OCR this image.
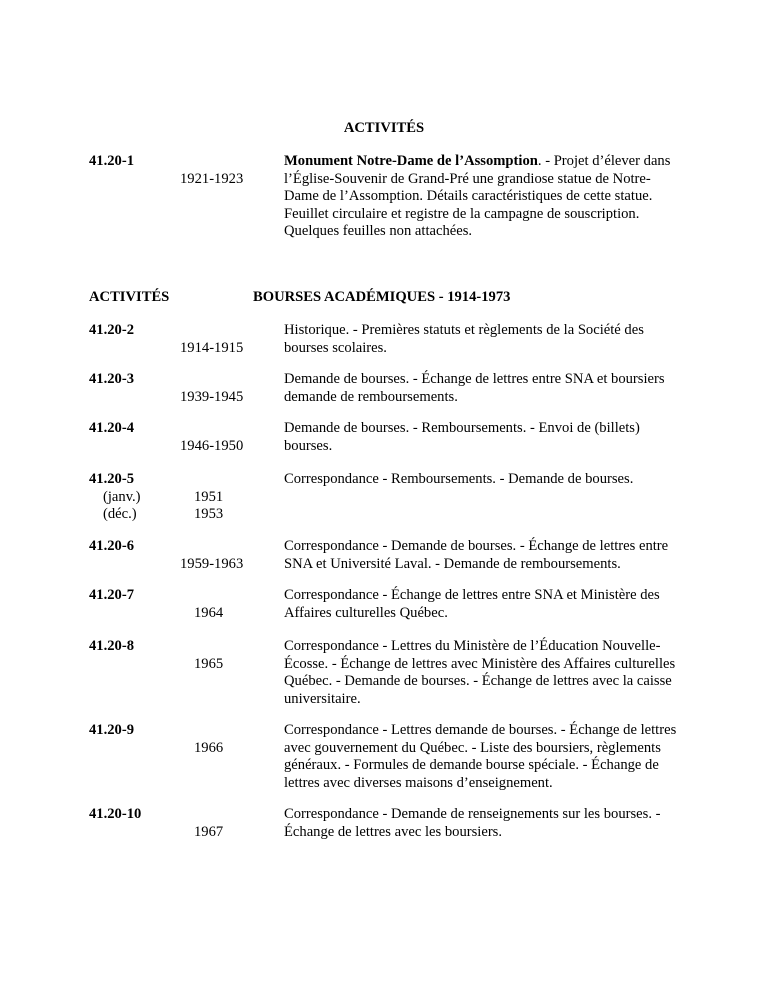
ACTIVITÉS
41.20-1
1921-1923
Monument Notre-Dame de l’Assomption. - Projet d’élever dans l’Église-Souvenir de Grand-Pré une grandiose statue de Notre-Dame de l’Assomption. Détails caractéristiques de cette statue. Feuillet circulaire et registre de la campagne de souscription. Quelques feuilles non attachées.
ACTIVITÉS	BOURSES ACADÉMIQUES - 1914-1973
41.20-2
1914-1915
Historique. - Premières statuts et règlements de la Société des bourses scolaires.
41.20-3
1939-1945
Demande de bourses. - Échange de lettres entre SNA et boursiers demande de remboursements.
41.20-4
1946-1950
Demande de bourses. - Remboursements. - Envoi de (billets) bourses.
41.20-5
(janv.)
(déc.)
1951
1953
Correspondance - Remboursements. - Demande de bourses.
41.20-6
1959-1963
Correspondance - Demande de bourses. - Échange de lettres entre SNA et Université Laval. - Demande de remboursements.
41.20-7
1964
Correspondance - Échange de lettres entre SNA et Ministère des Affaires culturelles Québec.
41.20-8
1965
Correspondance - Lettres du Ministère de l’Éducation Nouvelle-Écosse. - Échange de lettres avec Ministère des Affaires culturelles Québec. - Demande de bourses. - Échange de lettres avec la caisse universitaire.
41.20-9
1966
Correspondance - Lettres demande de bourses. - Échange de lettres avec gouvernement du Québec. - Liste des boursiers, règlements généraux. - Formules de demande bourse spéciale. - Échange de lettres avec diverses maisons d’enseignement.
41.20-10
1967
Correspondance - Demande de renseignements sur les bourses. - Échange de lettres avec les boursiers.
